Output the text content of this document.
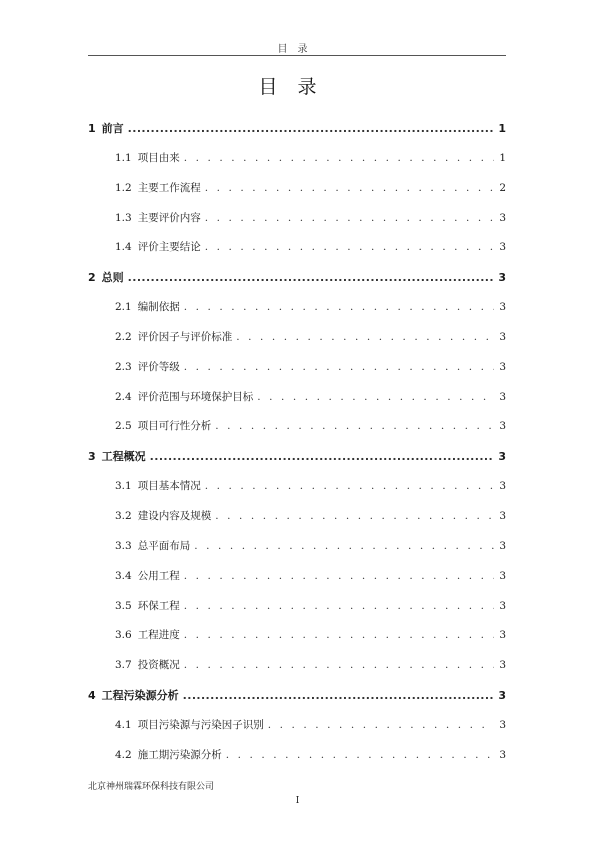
目录
目录
1 前言 .....	1
1.1 项目由来 . . .	1
1.2 主要工作流程 . . .	2
1.3 主要评价内容 . . .	3
1.4 评价主要结论 . . .	3
2 总则 .....	3
2.1 编制依据 . . .	3
2.2 评价因子与评价标准 . . .	3
2.3 评价等级 . . .	3
2.4 评价范围与环境保护目标 . . .	3
2.5 项目可行性分析 . . .	3
3 工程概况 .....	3
3.1 项目基本情况 . . .	3
3.2 建设内容及规模 . . .	3
3.3 总平面布局 . . .	3
3.4 公用工程 . . .	3
3.5 环保工程 . . .	3
3.6 工程进度 . . .	3
3.7 投资概况 . . .	3
4 工程污染源分析 .....	3
4.1 项目污染源与污染因子识别 . . .	3
4.2 施工期污染源分析 . . .	3
北京神州瑞霖环保科技有限公司
I
